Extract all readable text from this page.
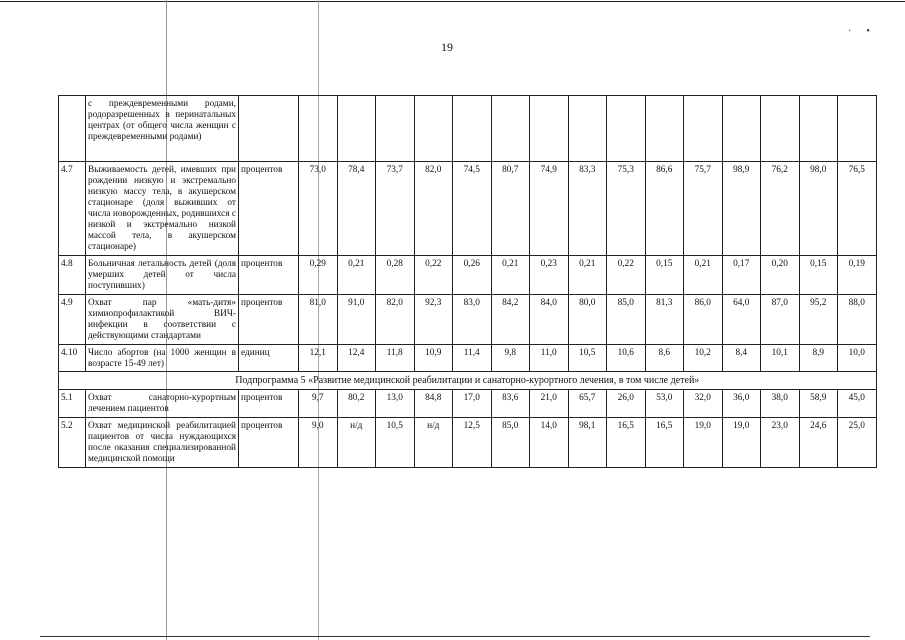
·      •
19
	с преждевременными родами, родоразрешенных в перинатальных центрах (от общего числа женщин с преждевременными родами)																
4.7	Выживаемость детей, имевших при рождении низкую и экстремально низкую массу тела, в акушерском стационаре (доля выживших от числа новорожденных, родившихся с низкой и экстремально низкой массой тела, в акушерском стационаре)	процентов	73,0	78,4	73,7	82,0	74,5	80,7	74,9	83,3	75,3	86,6	75,7	98,9	76,2	98,0	76,5
4.8	Больничная летальность детей (доля умерших детей от числа поступивших)	процентов	0,29	0,21	0,28	0,22	0,26	0,21	0,23	0,21	0,22	0,15	0,21	0,17	0,20	0,15	0,19
4.9	Охват пар «мать-дитя» химиопрофилактикой ВИЧ-инфекции в соответствии с действующими стандартами	процентов	81,0	91,0	82,0	92,3	83,0	84,2	84,0	80,0	85,0	81,3	86,0	64,0	87,0	95,2	88,0
4.10	Число абортов (на 1000 женщин в возрасте 15-49 лет)	единиц	12,1	12,4	11,8	10,9	11,4	9,8	11,0	10,5	10,6	8,6	10,2	8,4	10,1	8,9	10,0
Подпрограмма 5 «Развитие медицинской реабилитации и санаторно-курортного лечения, в том числе детей»																	
5.1	Охват санаторно-курортным лечением пациентов	процентов	9,7	80,2	13,0	84,8	17,0	83,6	21,0	65,7	26,0	53,0	32,0	36,0	38,0	58,9	45,0
5.2	Охват медицинской реабилитацией пациентов от числа нуждающихся после оказания специализированной медицинской помощи	процентов	9,0	н/д	10,5	н/д	12,5	85,0	14,0	98,1	16,5	16,5	19,0	19,0	23,0	24,6	25,0
